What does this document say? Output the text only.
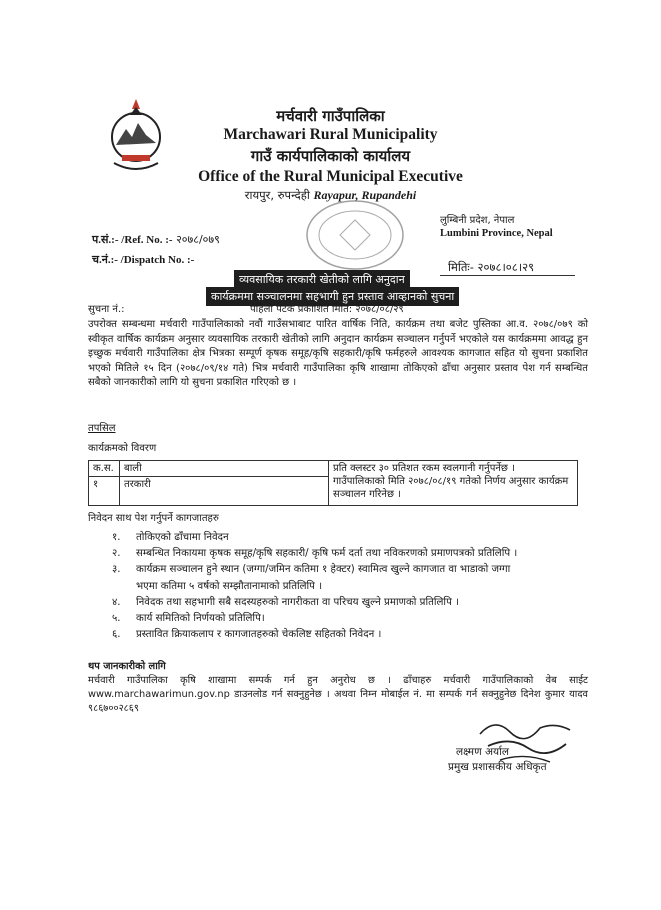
मर्चवारी गाउँपालिका
Marchawari Rural Municipality
गाउँ कार्यपालिकाको कार्यालय
Office of the Rural Municipal Executive
रायपुर, रुपन्देही Rayapur, Rupandehi
लुम्बिनी प्रदेश, नेपाल
Lumbini Province, Nepal
प.सं.:- /Ref. No. :- २०७८/०७९
च.नं.:- /Dispatch No. :-	मितिः- २०७८।०८।२९
व्यवसायिक तरकारी खेतीको लागि अनुदान
कार्यक्रममा सञ्चालनमा सहभागी हुन प्रस्ताव आव्हानको सुचना
सुचना नं.:	पहिलो पटक प्रकाशित मिति: २०७८/०८/२९
उपरोक्त सम्बन्धमा मर्चवारी गाउँपालिकाको नवौं गाउँसभाबाट पारित वार्षिक निति, कार्यक्रम तथा बजेट पुस्तिका आ.व. २०७८/०७९ को स्वीकृत वार्षिक कार्यक्रम अनुसार व्यवसायिक तरकारी खेतीको लागि अनुदान कार्यक्रम सञ्चालन गर्नुपर्ने भएकोले यस कार्यक्रममा आवद्ध हुन इच्छुक मर्चवारी गाउँपालिका क्षेत्र भित्रका सम्पूर्ण कृषक समूह/कृषि सहकारी/कृषि फर्महरुले आवश्यक कागजात सहित यो सुचना प्रकाशित भएको मितिले १५ दिन (२०७८/०९/१४ गते) भित्र मर्चवारी गाउँपालिका कृषि शाखामा तोकिएको ढाँचा अनुसार प्रस्ताव पेश गर्न सम्बन्धित सबैको जानकारीको लागि यो सुचना प्रकाशित गरिएको छ ।
तपसिल
कार्यक्रमको विवरण
क.स.	बाली	प्रति क्लस्टर ३० प्रतिशत रकम स्वलगानी गर्नुपर्नेछ ।
गाउँपालिकाको मिति २०७८/०८/१९ गतेको निर्णय अनुसार कार्यक्रम सञ्चालन गरिनेछ ।

१	तरकारी	
निवेदन साथ पेश गर्नुपर्ने कागजातहरु
१. तोकिएको ढाँचामा निवेदन
२. सम्बन्धित निकायमा कृषक समूह/कृषि सहकारी/ कृषि फर्म दर्ता तथा नविकरणको प्रमाणपत्रको प्रतिलिपि ।
३. कार्यक्रम सञ्चालन हुने स्थान (जग्गा/जमिन कतिमा १ हेक्टर) स्वामित्व खुल्ने कागजात वा भाडाको जग्गा
भएमा कतिमा ५ वर्षको सम्झौतानामाको प्रतिलिपि ।
४. निवेदक तथा सहभागी सबै सदस्यहरुको नागरीकता वा परिचय खुल्ने प्रमाणको प्रतिलिपि ।
५. कार्य समितिको निर्णयको प्रतिलिपि।
६. प्रस्तावित क्रियाकलाप र कागजातहरुको चेकलिष्ट सहितको निवेदन ।
थप जानकारीको लागि
मर्चवारी गाउँपालिका कृषि शाखामा सम्पर्क गर्न हुन अनुरोध छ । ढाँचाहरु मर्चवारी गाउँपालिकाको वेब साईट www.marchawarimun.gov.np डाउनलोड गर्न सक्नुहुनेछ । अथवा निम्न मोबाईल नं. मा सम्पर्क गर्न सक्नुहुनेछ दिनेश कुमार यादव ९८६७००२८६९
लक्ष्मण अर्याल
प्रमुख प्रशासकीय अधिकृत
